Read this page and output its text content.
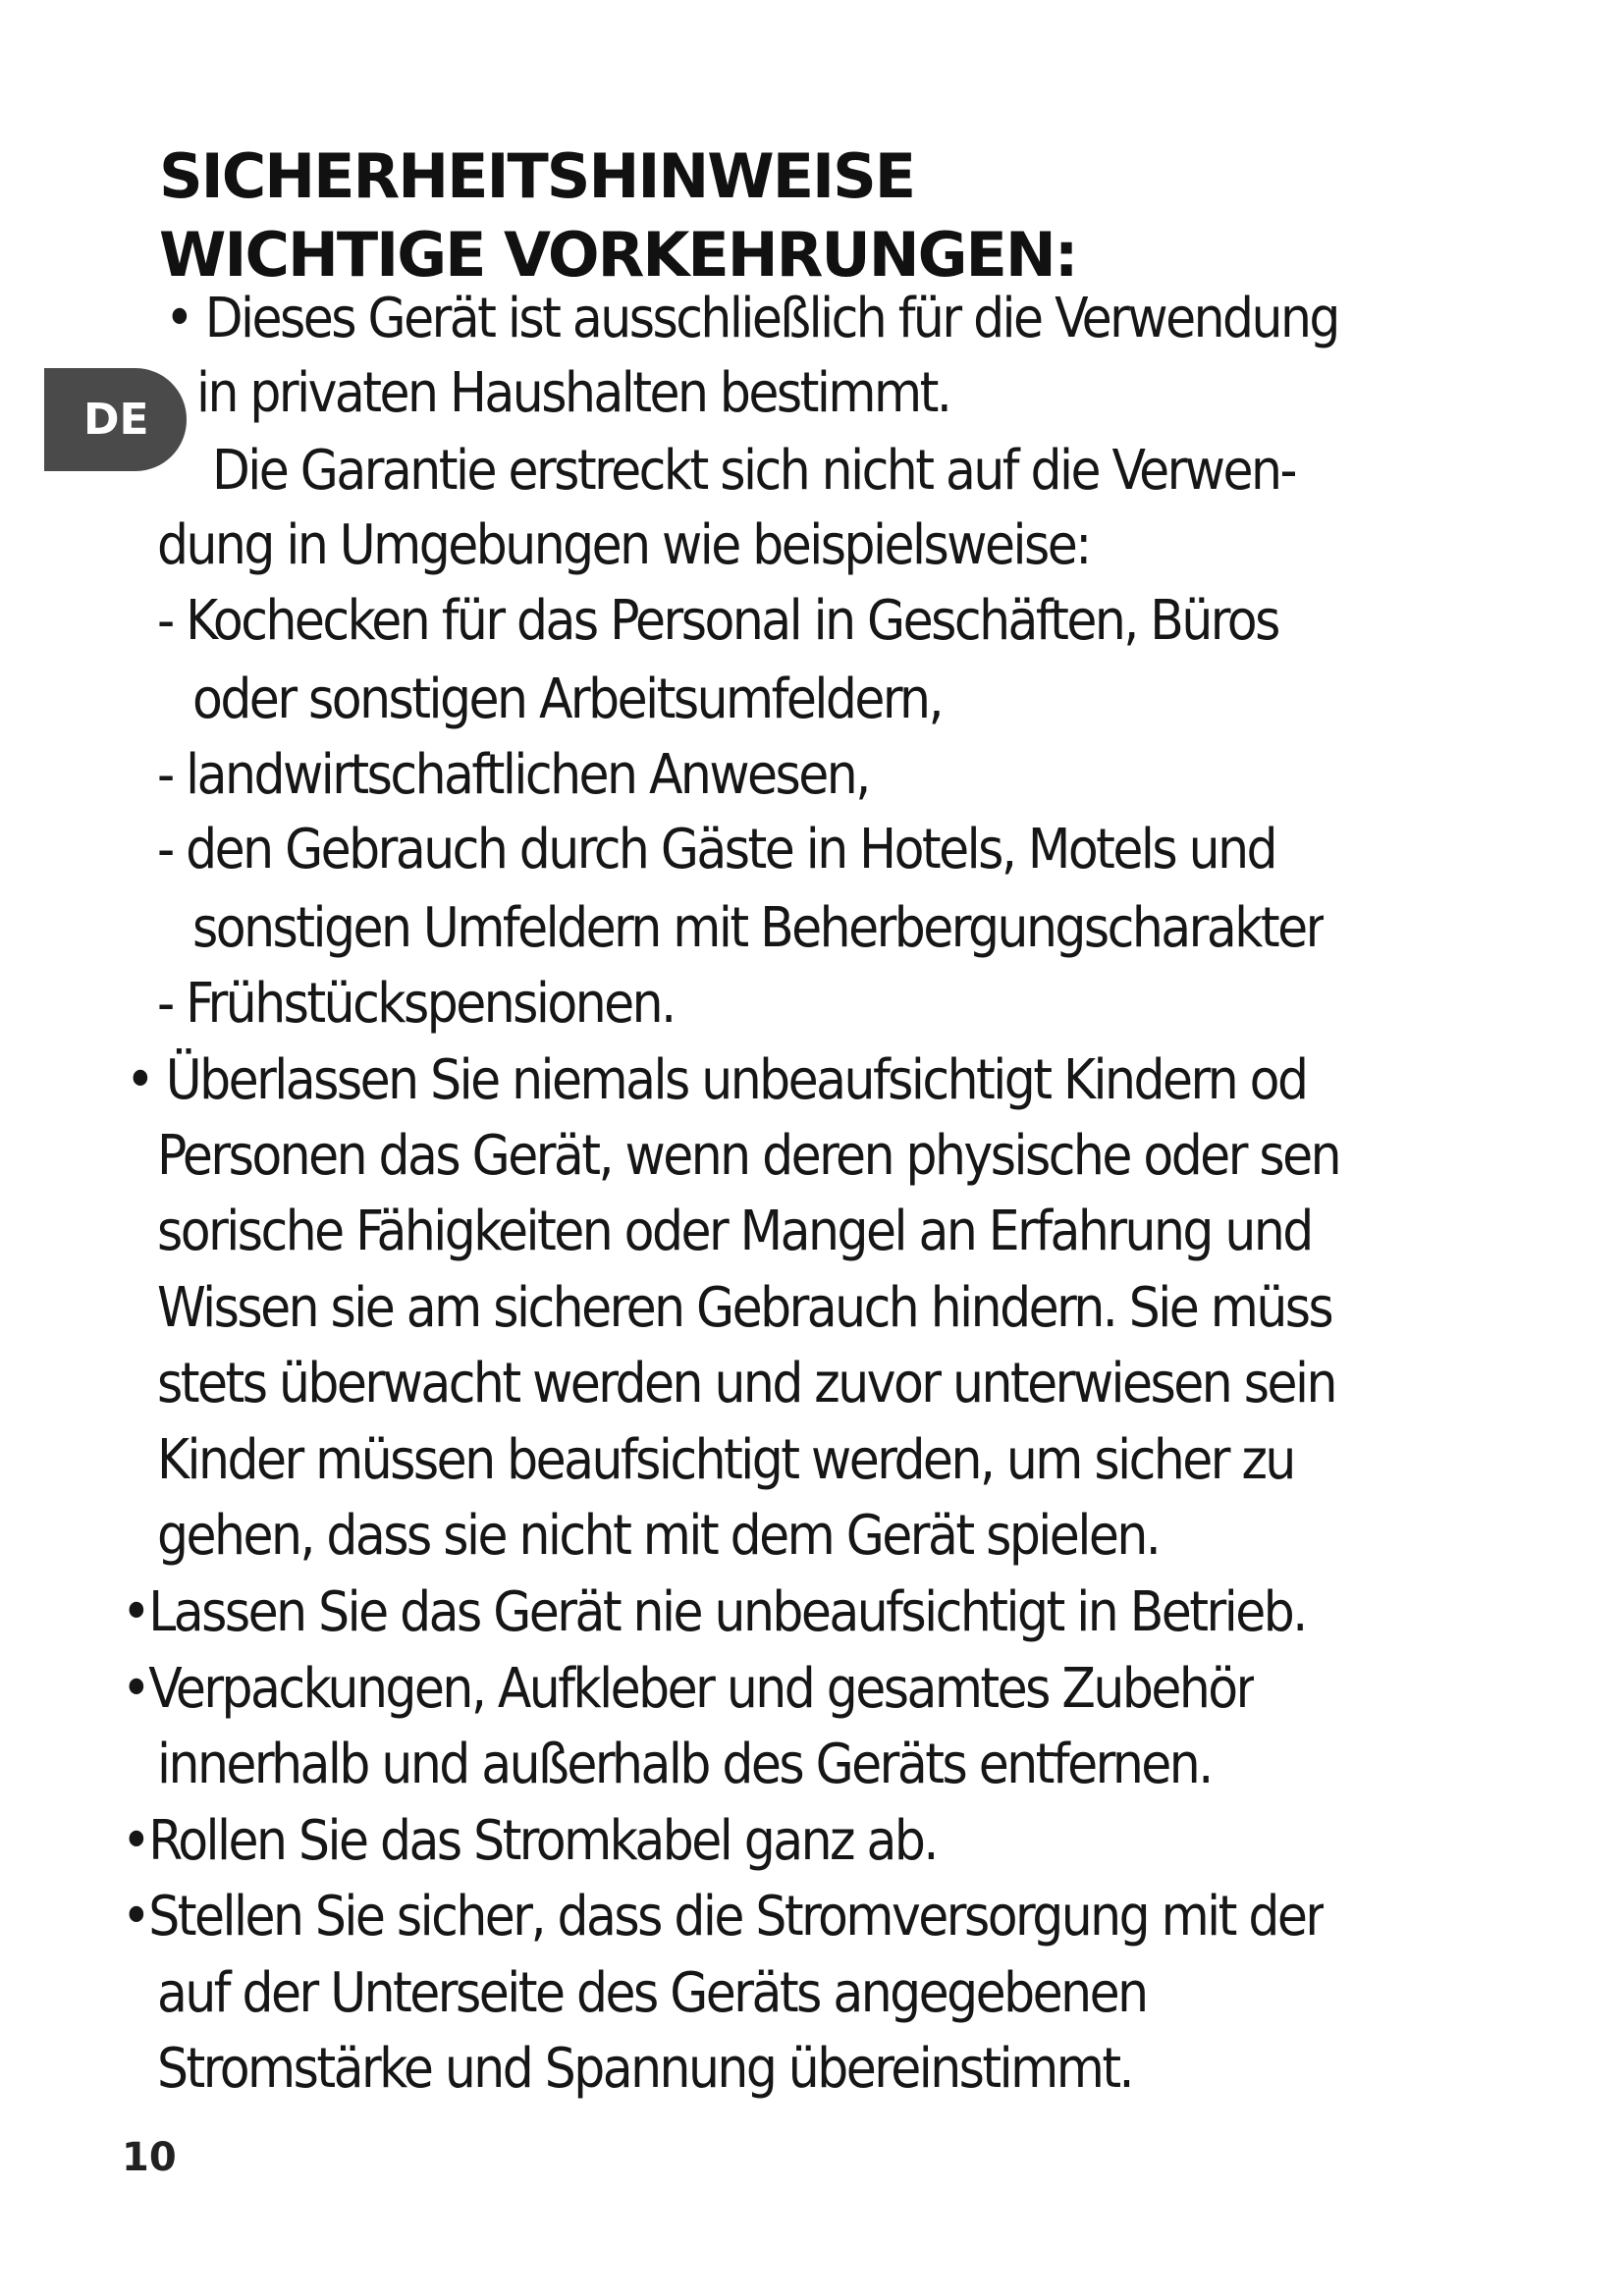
SICHERHEITSHINWEISE
WICHTIGE VORKEHRUNGEN:
DE

• Dieses Gerät ist ausschließlich für die Verwendung

in privaten Haushalten bestimmt.

Die Garantie erstreckt sich nicht auf die Verwen-

dung in Umgebungen wie beispielsweise:

- Kochecken für das Personal in Geschäften, Büros

oder sonstigen Arbeitsumfeldern,

- landwirtschaftlichen Anwesen,

- den Gebrauch durch Gäste in Hotels, Motels und

sonstigen Umfeldern mit Beherbergungscharakter

- Frühstückspensionen.

• Überlassen Sie niemals unbeaufsichtigt Kindern od

Personen das Gerät, wenn deren physische oder sen

sorische Fähigkeiten oder Mangel an Erfahrung und

Wissen sie am sicheren Gebrauch hindern. Sie müss

stets überwacht werden und zuvor unterwiesen sein

Kinder müssen beaufsichtigt werden, um sicher zu

gehen, dass sie nicht mit dem Gerät spielen.

•Lassen Sie das Gerät nie unbeaufsichtigt in Betrieb.

•Verpackungen, Aufkleber und gesamtes Zubehör

innerhalb und außerhalb des Geräts entfernen.

•Rollen Sie das Stromkabel ganz ab.

•Stellen Sie sicher, dass die Stromversorgung mit der

auf der Unterseite des Geräts angegebenen

Stromstärke und Spannung übereinstimmt.

10
